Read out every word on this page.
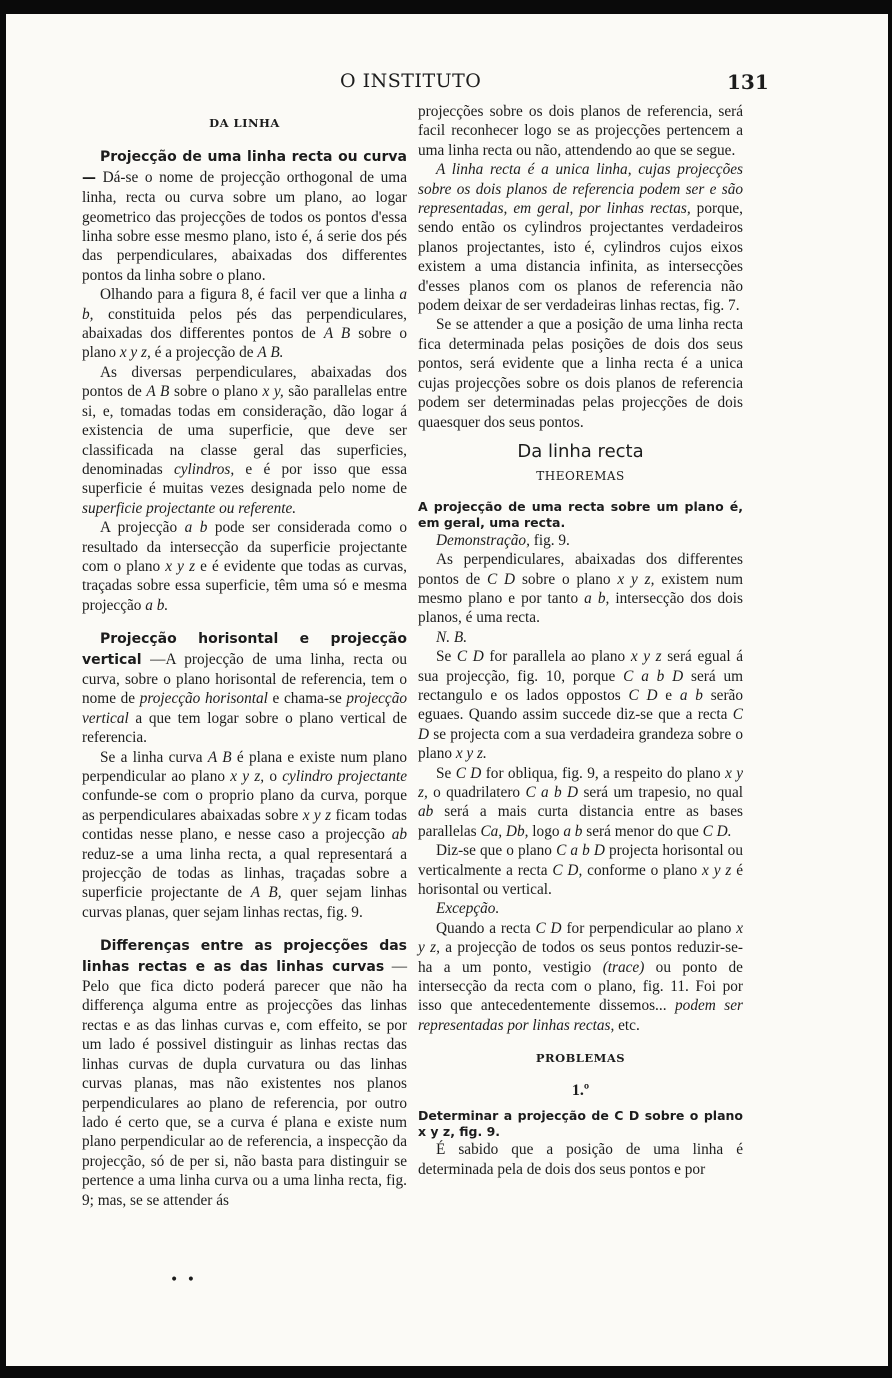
O INSTITUTO	131
DA LINHA

Projecção de uma linha recta ou curva — Dá-se o nome de projecção orthogonal de uma linha, recta ou curva sobre um plano, ao logar geometrico das projecções de todos os pontos d'essa linha sobre esse mesmo plano, isto é, á serie dos pés das perpendiculares, abaixadas dos differentes pontos da linha sobre o plano.

Olhando para a figura 8, é facil ver que a linha a b, constituida pelos pés das perpendiculares, abaixadas dos differentes pontos de A B sobre o plano x y z, é a projecção de A B.

As diversas perpendiculares, abaixadas dos pontos de A B sobre o plano x y, são parallelas entre si, e, tomadas todas em consideração, dão logar á existencia de uma superficie, que deve ser classificada na classe geral das superficies, denominadas cylindros, e é por isso que essa superficie é muitas vezes designada pelo nome de superficie projectante ou referente.

A projecção a b pode ser considerada como o resultado da intersecção da superficie projectante com o plano x y z e é evidente que todas as curvas, traçadas sobre essa superficie, têm uma só e mesma projecção a b.

Projecção horisontal e projecção vertical —A projecção de uma linha, recta ou curva, sobre o plano horisontal de referencia, tem o nome de projecção horisontal e chama-se projecção vertical a que tem logar sobre o plano vertical de referencia.

Se a linha curva A B é plana e existe num plano perpendicular ao plano x y z, o cylindro projectante confunde-se com o proprio plano da curva, porque as perpendiculares abaixadas sobre x y z ficam todas contidas nesse plano, e nesse caso a projecção ab reduz-se a uma linha recta, a qual representará a projecção de todas as linhas, traçadas sobre a superficie projectante de A B, quer sejam linhas curvas planas, quer sejam linhas rectas, fig. 9.

Differenças entre as projecções das linhas rectas e as das linhas curvas — Pelo que fica dicto poderá parecer que não ha differença alguma entre as projecções das linhas rectas e as das linhas curvas e, com effeito, se por um lado é possivel distinguir as linhas rectas das linhas curvas de dupla curvatura ou das linhas curvas planas, mas não existentes nos planos perpendiculares ao plano de referencia, por outro lado é certo que, se a curva é plana e existe num plano perpendicular ao de referencia, a inspecção da projecção, só de per si, não basta para distinguir se pertence a uma linha curva ou a uma linha recta, fig. 9; mas, se se attender ás

• •

projecções sobre os dois planos de referencia, será facil reconhecer logo se as projecções pertencem a uma linha recta ou não, attendendo ao que se segue.

A linha recta é a unica linha, cujas projecções sobre os dois planos de referencia podem ser e são representadas, em geral, por linhas rectas, porque, sendo então os cylindros projectantes verdadeiros planos projectantes, isto é, cylindros cujos eixos existem a uma distancia infinita, as intersecções d'esses planos com os planos de referencia não podem deixar de ser verdadeiras linhas rectas, fig. 7.

Se se attender a que a posição de uma linha recta fica determinada pelas posições de dois dos seus pontos, será evidente que a linha recta é a unica cujas projecções sobre os dois planos de referencia podem ser determinadas pelas projecções de dois quaesquer dos seus pontos.

Da linha recta
THEOREMAS

A projecção de uma recta sobre um plano é, em geral, uma recta.

Demonstração, fig. 9.

As perpendiculares, abaixadas dos differentes pontos de C D sobre o plano x y z, existem num mesmo plano e por tanto a b, intersecção dos dois planos, é uma recta.

N. B.

Se C D for parallela ao plano x y z será egual á sua projecção, fig. 10, porque C a b D será um rectangulo e os lados oppostos C D e a b serão eguaes. Quando assim succede diz-se que a recta C D se projecta com a sua verdadeira grandeza sobre o plano x y z.

Se C D for obliqua, fig. 9, a respeito do plano x y z, o quadrilatero C a b D será um trapesio, no qual ab será a mais curta distancia entre as bases parallelas Ca, Db, logo a b será menor do que C D.

Diz-se que o plano C a b D projecta horisontal ou verticalmente a recta C D, conforme o plano x y z é horisontal ou vertical.

Excepção.

Quando a recta C D for perpendicular ao plano x y z, a projecção de todos os seus pontos reduzir-se-ha a um ponto, vestigio (trace) ou ponto de intersecção da recta com o plano, fig. 11. Foi por isso que antecedentemente dissemos... podem ser representadas por linhas rectas, etc.

PROBLEMAS
1.º

Determinar a projecção de C D sobre o plano x y z, fig. 9.

É sabido que a posição de uma linha é determinada pela de dois dos seus pontos e por
